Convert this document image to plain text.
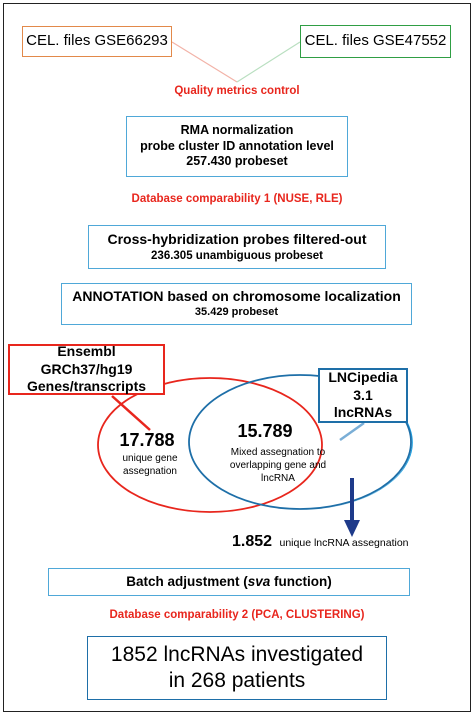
CEL. files GSE66293	CEL. files GSE47552
Quality metrics control
RMA normalization
probe cluster ID annotation level
257.430 probeset
Database comparability 1 (NUSE, RLE)
Cross-hybridization probes filtered-out
236.305 unambiguous probeset
ANNOTATION based on chromosome localization
35.429 probeset
Ensembl GRCh37/hg19
Genes/transcripts
LNCipedia 3.1
lncRNAs
17.788
unique gene
assegnation
15.789
Mixed assegnation to
overlapping gene and
lncRNA
1.852 unique lncRNA assegnation
Batch adjustment ( sva function)
Database comparability 2 (PCA, CLUSTERING)
1852 lncRNAs investigated
in 268 patients
